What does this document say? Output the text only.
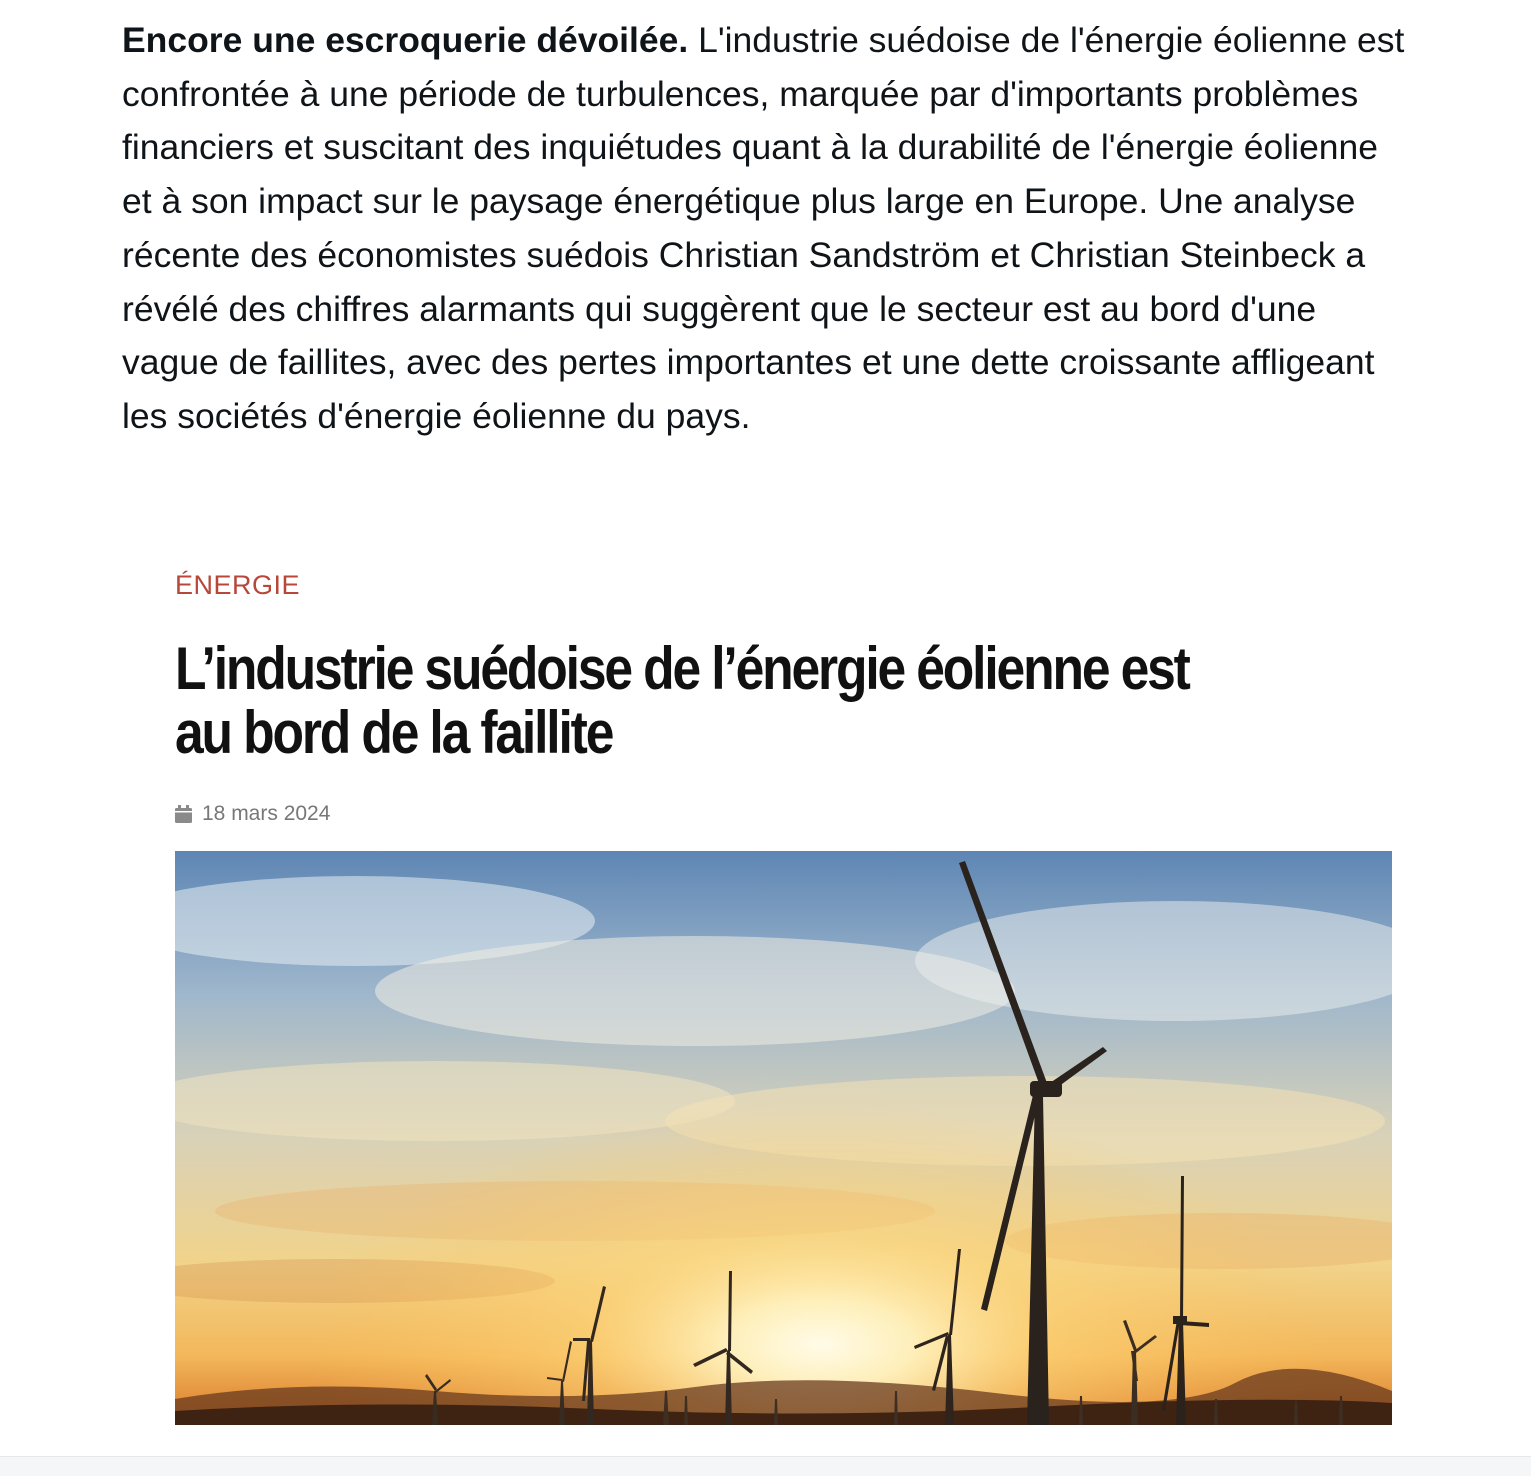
Encore une escroquerie dévoilée. L'industrie suédoise de l'énergie éolienne est confrontée à une période de turbulences, marquée par d'importants problèmes financiers et suscitant des inquiétudes quant à la durabilité de l'énergie éolienne et à son impact sur le paysage énergétique plus large en Europe. Une analyse récente des économistes suédois Christian Sandström et Christian Steinbeck a révélé des chiffres alarmants qui suggèrent que le secteur est au bord d'une vague de faillites, avec des pertes importantes et une dette croissante affligeant les sociétés d'énergie éolienne du pays.

ÉNERGIE
L’industrie suédoise de l’énergie éolienne est au bord de la faillite
18 mars 2024
